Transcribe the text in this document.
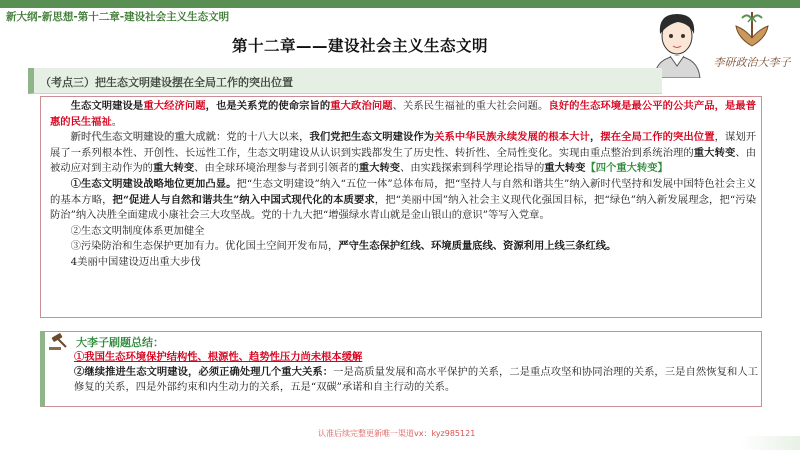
新大纲-新思想-第十二章-建设社会主义生态文明
第十二章——建设社会主义生态文明
李研政治大李子
（考点三）把生态文明建设摆在全局工作的突出位置

生态文明建设是重大经济问题，也是关系党的使命宗旨的重大政治问题、关系民生福祉的重大社会问题。良好的生态环境是最公平的公共产品，是最普惠的民生福祉。

新时代生态文明建设的重大成就：党的十八大以来，我们党把生态文明建设作为关系中华民族永续发展的根本大计，摆在全局工作的突出位置，谋划开展了一系列根本性、开创性、长远性工作，生态文明建设从认识到实践都发生了历史性、转折性、全局性变化。实现由重点整治到系统治理的重大转变、由被动应对到主动作为的重大转变、由全球环境治理参与者到引领者的重大转变、由实践探索到科学理论指导的重大转变【四个重大转变】

①生态文明建设战略地位更加凸显。把“生态文明建设”纳入“五位一体”总体布局，把“坚持人与自然和谐共生”纳入新时代坚持和发展中国特色社会主义的基本方略，把“促进人与自然和谐共生”纳入中国式现代化的本质要求，把“美丽中国”纳入社会主义现代化强国目标，把“绿色”纳入新发展理念，把“污染防治”纳入决胜全面建成小康社会三大攻坚战。党的十九大把“增强绿水青山就是金山银山的意识”等写入党章。

②生态文明制度体系更加健全

③污染防治和生态保护更加有力。优化国土空间开发布局，严守生态保护红线、环境质量底线、资源利用上线三条红线。

4美丽中国建设迈出重大步伐

大李子刷题总结：

①我国生态环境保护结构性、根源性、趋势性压力尚未根本缓解

②继续推进生态文明建设，必须正确处理几个重大关系：一是高质量发展和高水平保护的关系，二是重点攻坚和协同治理的关系，三是自然恢复和人工修复的关系，四是外部约束和内生动力的关系，五是“双碳”承诺和自主行动的关系。

认准后续完整更新唯一渠道vx：kyz985121
